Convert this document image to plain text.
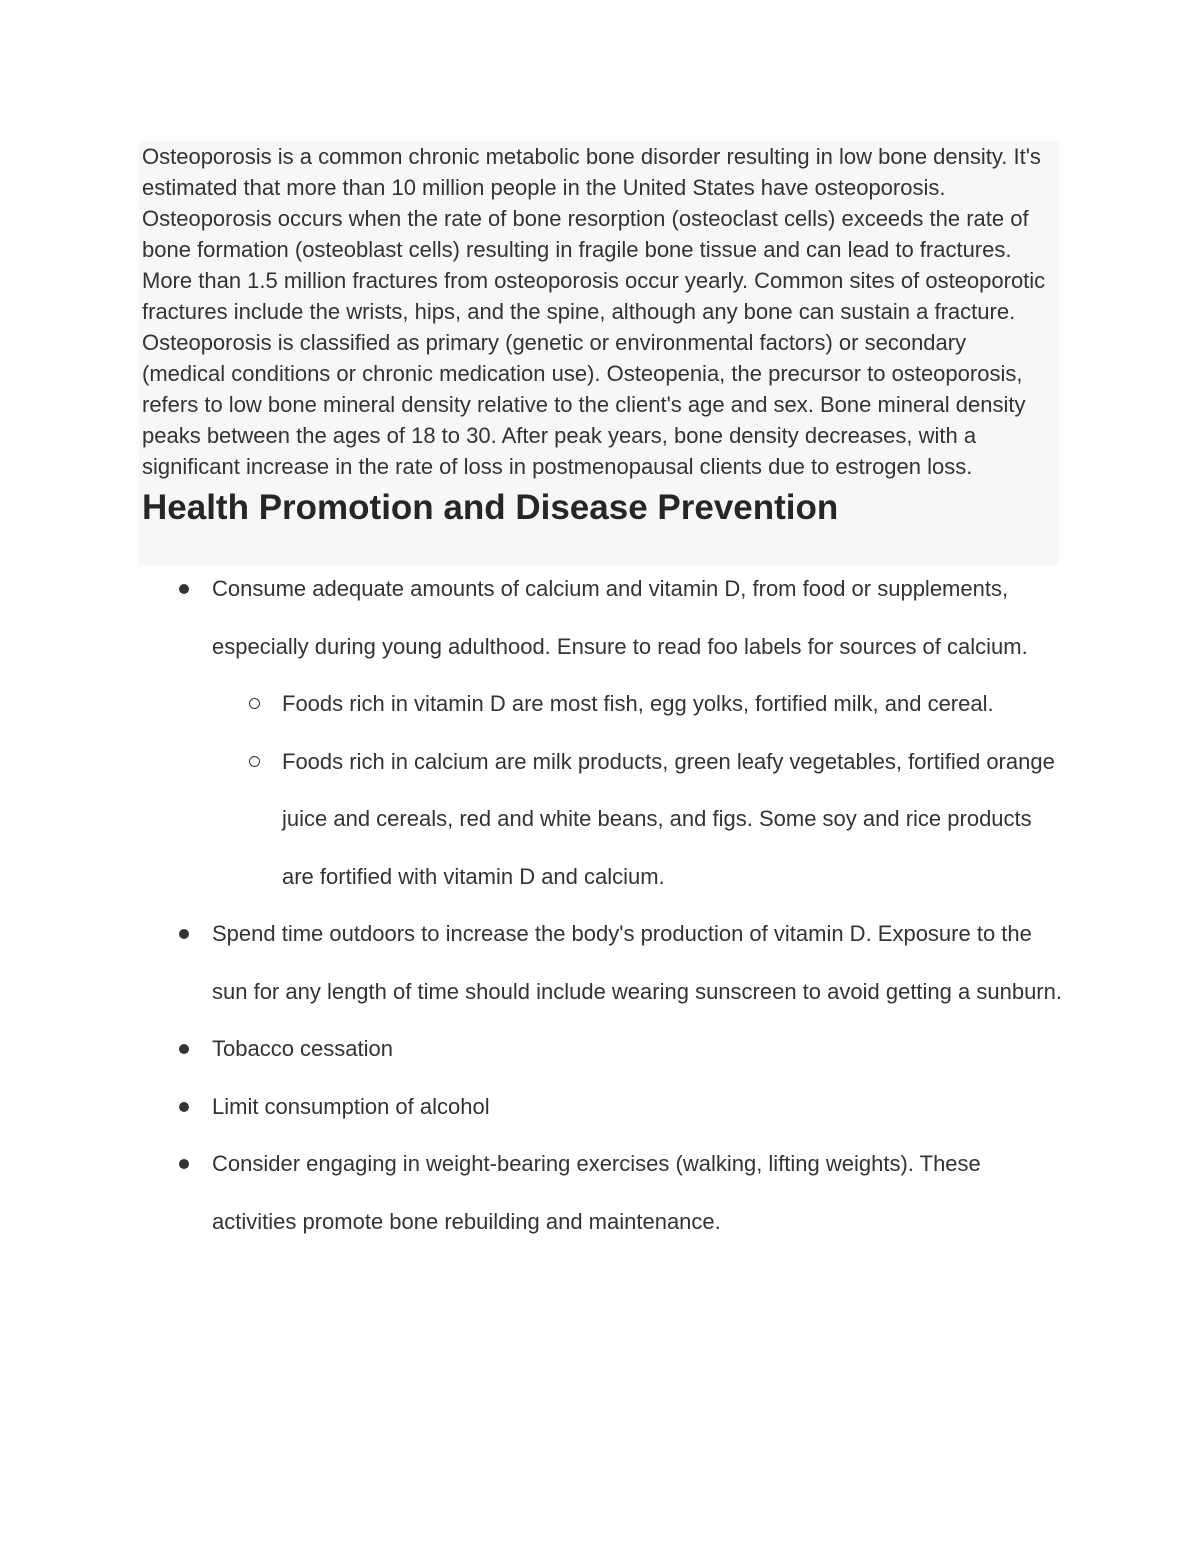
Osteoporosis is a common chronic metabolic bone disorder resulting in low bone density. It's estimated that more than 10 million people in the United States have osteoporosis. Osteoporosis occurs when the rate of bone resorption (osteoclast cells) exceeds the rate of bone formation (osteoblast cells) resulting in fragile bone tissue and can lead to fractures. More than 1.5 million fractures from osteoporosis occur yearly. Common sites of osteoporotic fractures include the wrists, hips, and the spine, although any bone can sustain a fracture. Osteoporosis is classified as primary (genetic or environmental factors) or secondary (medical conditions or chronic medication use). Osteopenia, the precursor to osteoporosis, refers to low bone mineral density relative to the client's age and sex. Bone mineral density peaks between the ages of 18 to 30. After peak years, bone density decreases, with a significant increase in the rate of loss in postmenopausal clients due to estrogen loss.

Health Promotion and Disease Prevention
Consume adequate amounts of calcium and vitamin D, from food or supplements, especially during young adulthood. Ensure to read foo labels for sources of calcium.
Foods rich in vitamin D are most fish, egg yolks, fortified milk, and cereal.
Foods rich in calcium are milk products, green leafy vegetables, fortified orange juice and cereals, red and white beans, and figs. Some soy and rice products are fortified with vitamin D and calcium.
Spend time outdoors to increase the body's production of vitamin D. Exposure to the sun for any length of time should include wearing sunscreen to avoid getting a sunburn.
Tobacco cessation
Limit consumption of alcohol
Consider engaging in weight-bearing exercises (walking, lifting weights). These activities promote bone rebuilding and maintenance.
